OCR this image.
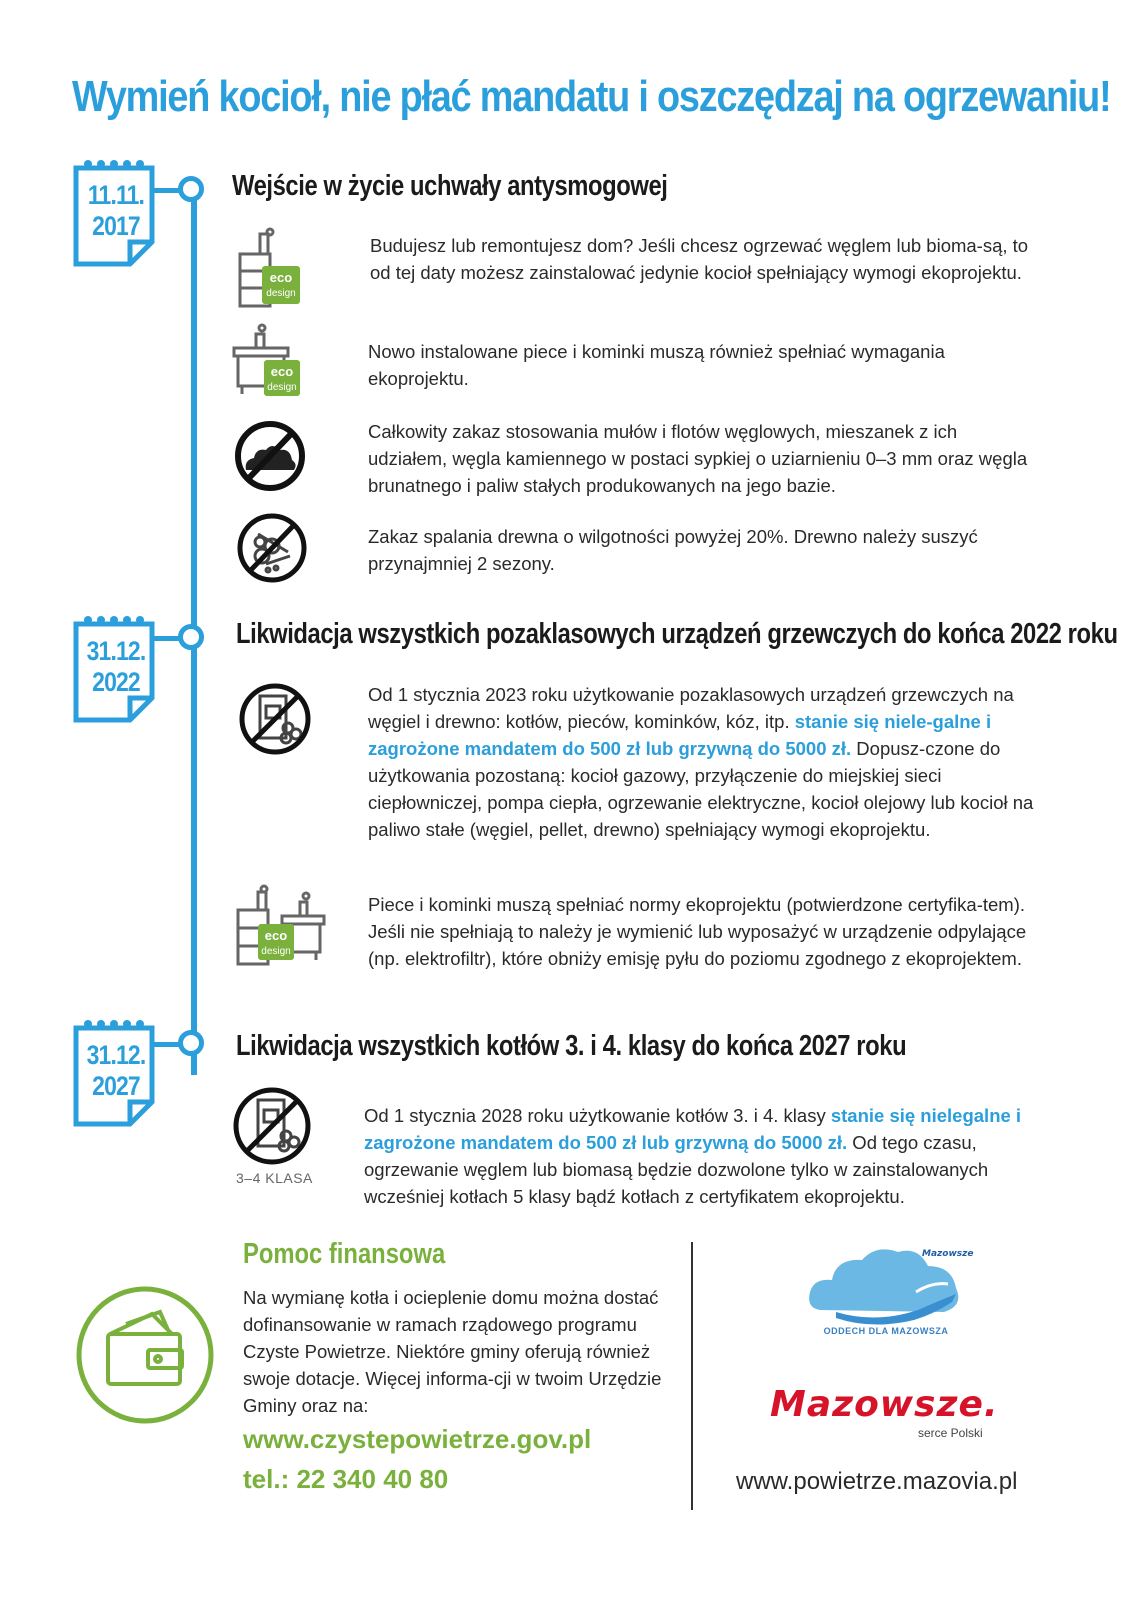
Wymień kocioł, nie płać mandatu i oszczędzaj na ogrzewaniu!
11.11.
2017
31.12.
2022
31.12.
2027
Wejście w życie uchwały antysmogowej
eco
design

Budujesz lub remontujesz dom? Jeśli chcesz ogrzewać węglem lub bioma-są, to od tej daty możesz zainstalować jedynie kocioł spełniający wymogi ekoprojektu.

eco
design

Nowo instalowane piece i kominki muszą również spełniać wymagania ekoprojektu.

Całkowity zakaz stosowania mułów i flotów węglowych, mieszanek z ich udziałem, węgla kamiennego w postaci sypkiej o uziarnieniu 0–3 mm oraz węgla brunatnego i paliw stałych produkowanych na jego bazie.

Zakaz spalania drewna o wilgotności powyżej 20%. Drewno należy suszyć przynajmniej 2 sezony.

Likwidacja wszystkich pozaklasowych urządzeń grzewczych do końca 2022 roku

Od 1 stycznia 2023 roku użytkowanie pozaklasowych urządzeń grzewczych na węgiel i drewno: kotłów, pieców, kominków, kóz, itp. stanie się niele-galne i zagrożone mandatem do 500 zł lub grzywną do 5000 zł. Dopusz-czone do użytkowania pozostaną: kocioł gazowy, przyłączenie do miejskiej sieci ciepłowniczej, pompa ciepła, ogrzewanie elektryczne, kocioł olejowy lub kocioł na paliwo stałe (węgiel, pellet, drewno) spełniający wymogi ekoprojektu.

eco
design

Piece i kominki muszą spełniać normy ekoprojektu (potwierdzone certyfika-tem). Jeśli nie spełniają to należy je wymienić lub wyposażyć w urządzenie odpylające (np. elektrofiltr), które obniży emisję pyłu do poziomu zgodnego z ekoprojektem.

Likwidacja wszystkich kotłów 3. i 4. klasy do końca 2027 roku
3–4 KLASA

Od 1 stycznia 2028 roku użytkowanie kotłów 3. i 4. klasy stanie się nielegalne i zagrożone mandatem do 500 zł lub grzywną do 5000 zł. Od tego czasu, ogrzewanie węglem lub biomasą będzie dozwolone tylko w zainstalowanych wcześniej kotłach 5 klasy bądź kotłach z certyfikatem ekoprojektu.

Pomoc finansowa

Na wymianę kotła i ocieplenie domu można dostać dofinansowanie w ramach rządowego programu Czyste Powietrze. Niektóre gminy oferują również swoje dotacje. Więcej informa-cji w twoim Urzędzie Gminy oraz na:

www.czystepowietrze.gov.pl

tel.: 22 340 40 80

Mazowsze
ODDECH DLA MAZOWSZA

Mazowsze.

serce Polski

www.powietrze.mazovia.pl
